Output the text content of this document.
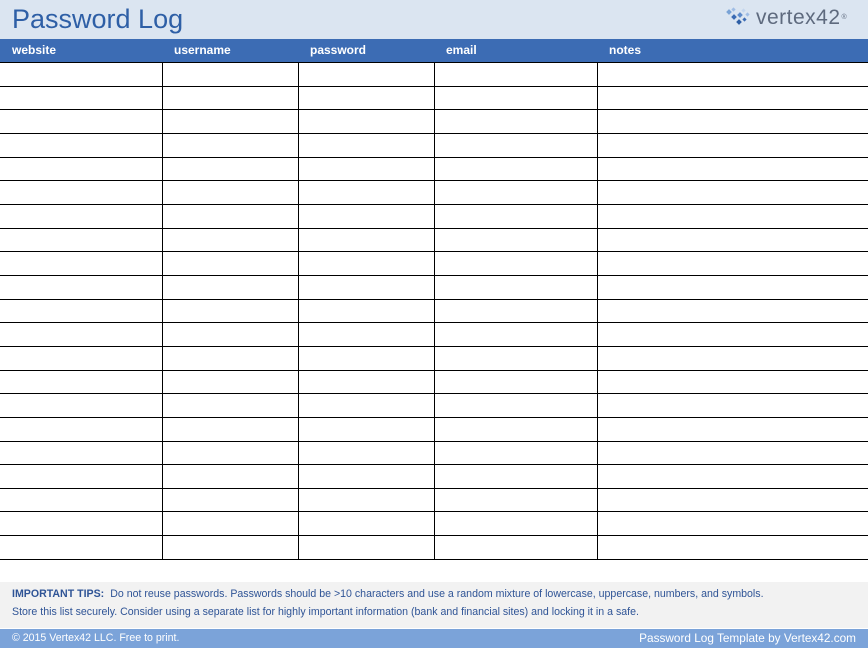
Password Log	vertex42 ®
website	username	password	email	notes

IMPORTANT TIPS: Do not reuse passwords. Passwords should be >10 characters and use a random mixture of lowercase, uppercase, numbers, and symbols.
Store this list securely. Consider using a separate list for highly important information (bank and financial sites) and locking it in a safe.
© 2015 Vertex42 LLC. Free to print.	Password Log Template by Vertex42.com
